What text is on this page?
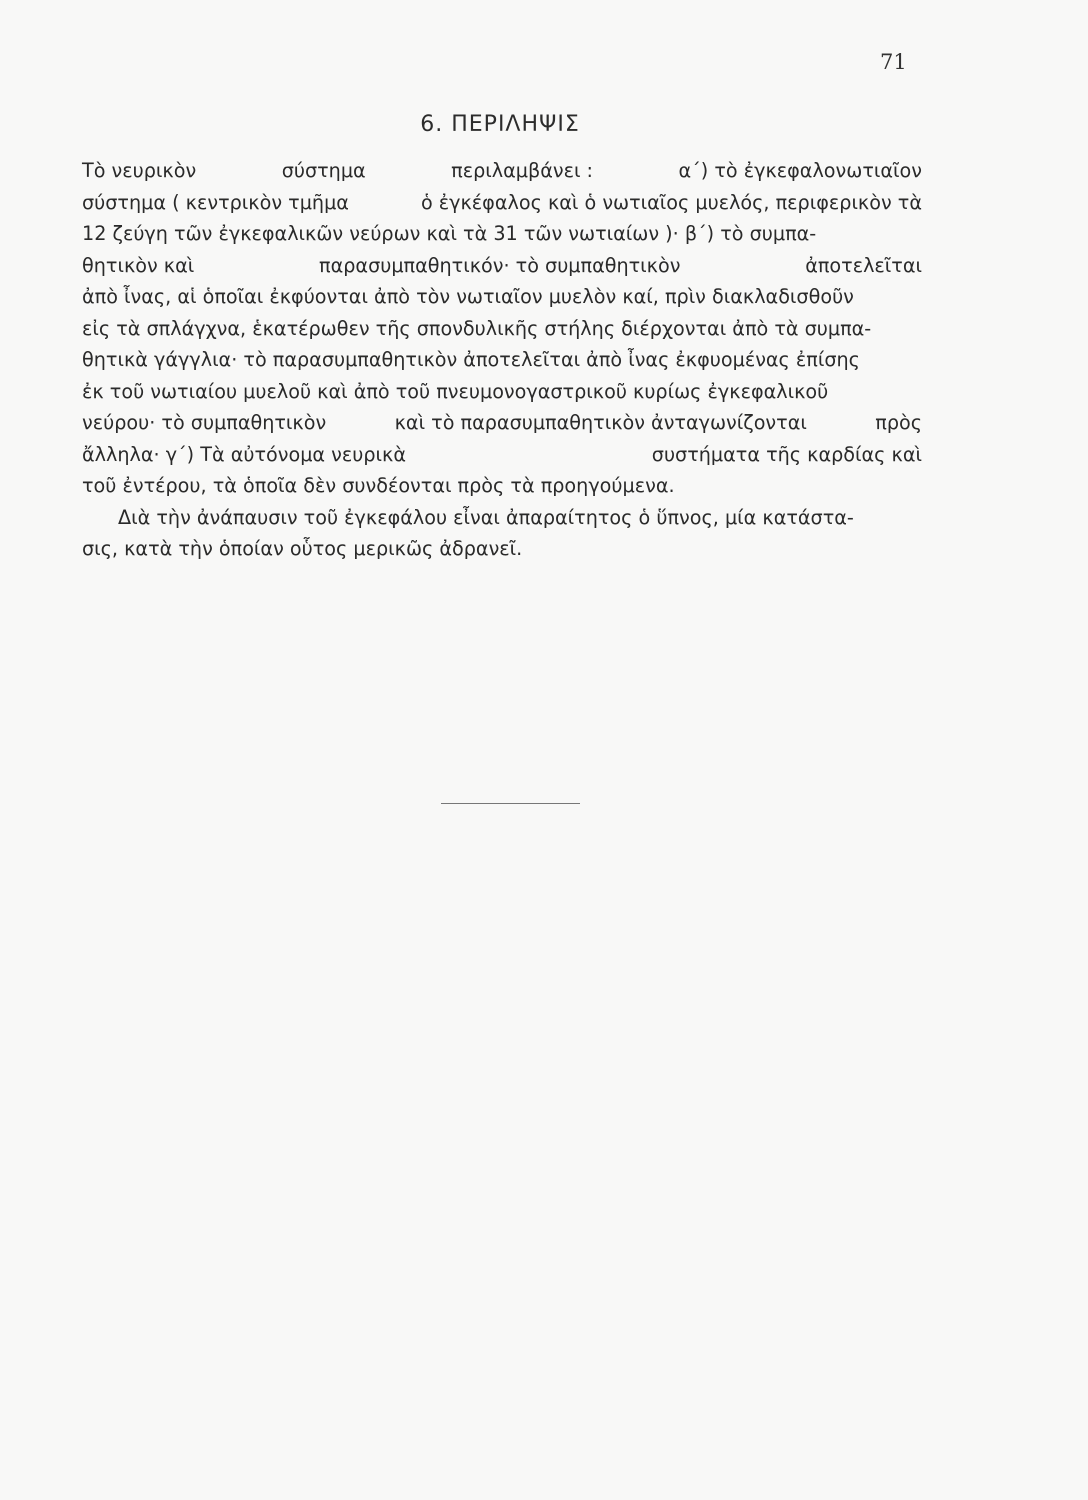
71
6. ΠΕΡΙΛΗΨΙΣ
Τὸ νευρικὸν	σύστημα	περιλαμβάνει :	α΄) τὸ ἐγκεφαλονωτιαῖον
σύστημα ( κεντρικὸν τμῆμα	ὁ ἐγκέφαλος καὶ ὁ νωτιαῖος μυελός, περιφερικὸν τὰ
12 ζεύγη τῶν ἐγκεφαλικῶν νεύρων καὶ τὰ 31 τῶν νωτιαίων )· β΄) τὸ συμπα-
θητικὸν καὶ	παρασυμπαθητικόν· τὸ συμπαθητικὸν	ἀποτελεῖται
ἀπὸ ἶνας, αἱ ὁποῖαι ἐκφύονται ἀπὸ τὸν νωτιαῖον μυελὸν καί, πρὶν διακλαδισθοῦν
εἰς τὰ σπλάγχνα, ἑκατέρωθεν τῆς σπονδυλικῆς στήλης διέρχονται ἀπὸ τὰ συμπα-
θητικὰ γάγγλια· τὸ παρασυμπαθητικὸν ἀποτελεῖται ἀπὸ ἶνας ἐκφυομένας ἐπίσης
ἐκ τοῦ νωτιαίου μυελοῦ καὶ ἀπὸ τοῦ πνευμονογαστρικοῦ κυρίως ἐγκεφαλικοῦ
νεύρου· τὸ συμπαθητικὸν	καὶ τὸ παρασυμπαθητικὸν ἀνταγωνίζονται	πρὸς
ἄλληλα· γ΄) Τὰ αὐτόνομα νευρικὰ	συστήματα τῆς καρδίας καὶ
τοῦ ἐντέρου, τὰ ὁποῖα δὲν συνδέονται πρὸς τὰ προηγούμενα.
Διὰ τὴν ἀνάπαυσιν τοῦ ἐγκεφάλου εἶναι ἀπαραίτητος ὁ ὕπνος, μία κατάστα-
σις, κατὰ τὴν ὁποίαν οὗτος μερικῶς ἀδρανεῖ.
